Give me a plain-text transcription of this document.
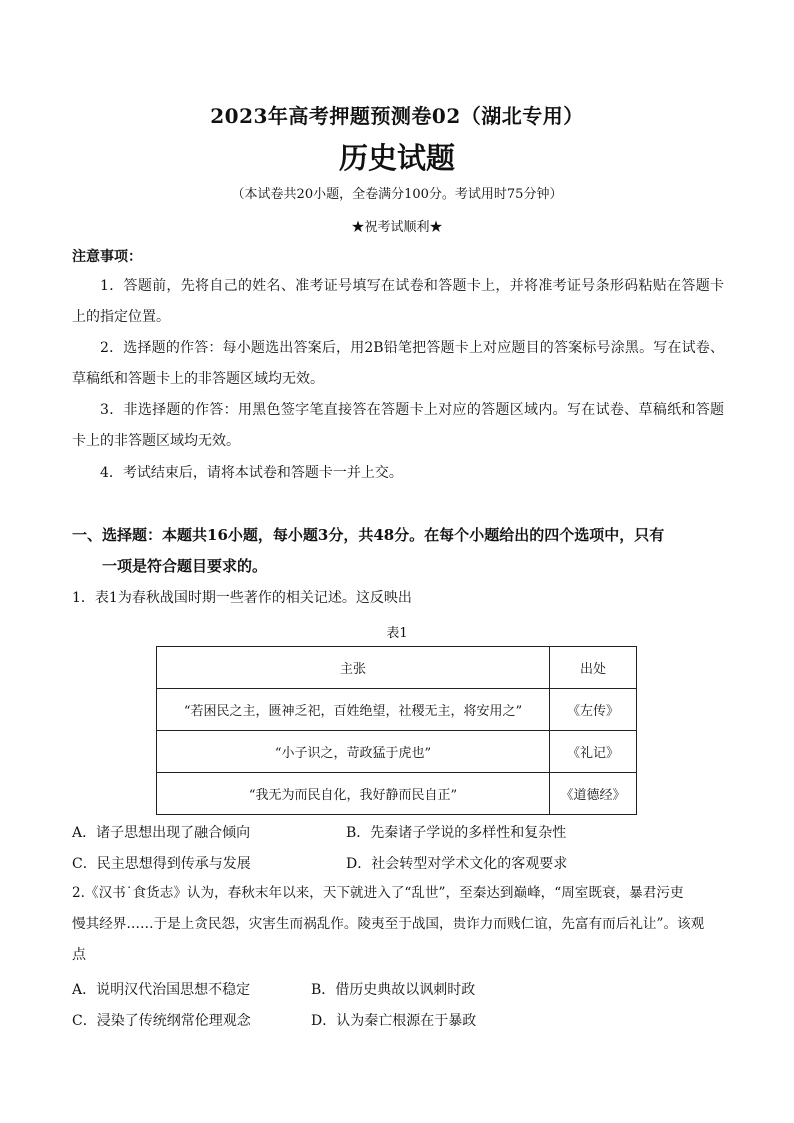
2023年高考押题预测卷02（湖北专用）
历史试题
（本试卷共20小题，全卷满分100分。考试用时75分钟）
★祝考试顺利★
注意事项：
1．答题前，先将自己的姓名、准考证号填写在试卷和答题卡上，并将准考证号条形码粘贴在答题卡上的指定位置。
2．选择题的作答：每小题选出答案后，用2B铅笔把答题卡上对应题目的答案标号涂黑。写在试卷、草稿纸和答题卡上的非答题区域均无效。
3．非选择题的作答：用黑色签字笔直接答在答题卡上对应的答题区域内。写在试卷、草稿纸和答题卡上的非答题区域均无效。
4．考试结束后，请将本试卷和答题卡一并上交。
一、选择题：本题共16小题，每小题3分，共48分。在每个小题给出的四个选项中，只有
一项是符合题目要求的。
1．表1为春秋战国时期一些著作的相关记述。这反映出
表1
主张	出处
“若困民之主，匮神乏祀，百姓绝望，社稷无主，将安用之”	《左传》
“小子识之，苛政猛于虎也”	《礼记》
“我无为而民自化，我好静而民自正”	《道德经》
A．诸子思想出现了融合倾向	B．先秦诸子学说的多样性和复杂性
C．民主思想得到传承与发展	D．社会转型对学术文化的客观要求
2.《汉书˙食货志》认为，春秋末年以来，天下就进入了“乱世”，至秦达到巅峰，“周室既衰，暴君污吏
慢其经界……于是上贪民怨，灾害生而祸乱作。陵夷至于战国，贵诈力而贱仁谊，先富有而后礼让”。该观
点
A．说明汉代治国思想不稳定	B．借历史典故以讽刺时政
C．浸染了传统纲常伦理观念	D．认为秦亡根源在于暴政
